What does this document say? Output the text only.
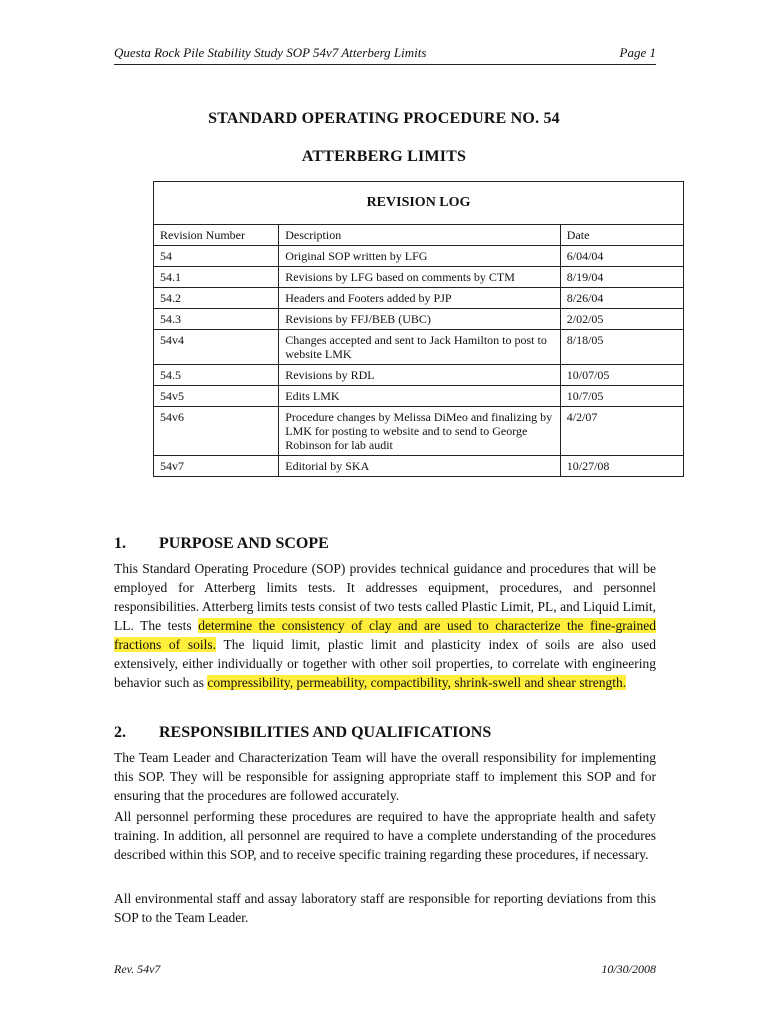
Questa Rock Pile Stability Study SOP 54v7 Atterberg Limits	Page 1
STANDARD OPERATING PROCEDURE NO. 54
ATTERBERG LIMITS
REVISION LOG		
Revision Number	Description	Date
54	Original SOP written by LFG	6/04/04
54.1	Revisions by LFG based on comments by CTM	8/19/04
54.2	Headers and Footers added by PJP	8/26/04
54.3	Revisions by FFJ/BEB (UBC)	2/02/05
54v4	Changes accepted and sent to Jack Hamilton to post to website LMK	8/18/05
54.5	Revisions by RDL	10/07/05
54v5	Edits LMK	10/7/05
54v6	Procedure changes by Melissa DiMeo and finalizing by LMK for posting to website and to send to George Robinson for lab audit	4/2/07
54v7	Editorial by SKA	10/27/08
1. PURPOSE AND SCOPE

This Standard Operating Procedure (SOP) provides technical guidance and procedures that will be employed for Atterberg limits tests. It addresses equipment, procedures, and personnel responsibilities. Atterberg limits tests consist of two tests called Plastic Limit, PL, and Liquid Limit, LL. The tests determine the consistency of clay and are used to characterize the fine-grained fractions of soils. The liquid limit, plastic limit and plasticity index of soils are also used extensively, either individually or together with other soil properties, to correlate with engineering behavior such as compressibility, permeability, compactibility, shrink-swell and shear strength.

2. RESPONSIBILITIES AND QUALIFICATIONS

The Team Leader and Characterization Team will have the overall responsibility for implementing this SOP. They will be responsible for assigning appropriate staff to implement this SOP and for ensuring that the procedures are followed accurately.

All personnel performing these procedures are required to have the appropriate health and safety training. In addition, all personnel are required to have a complete understanding of the procedures described within this SOP, and to receive specific training regarding these procedures, if necessary.

All environmental staff and assay laboratory staff are responsible for reporting deviations from this SOP to the Team Leader.

Rev. 54v7	10/30/2008
